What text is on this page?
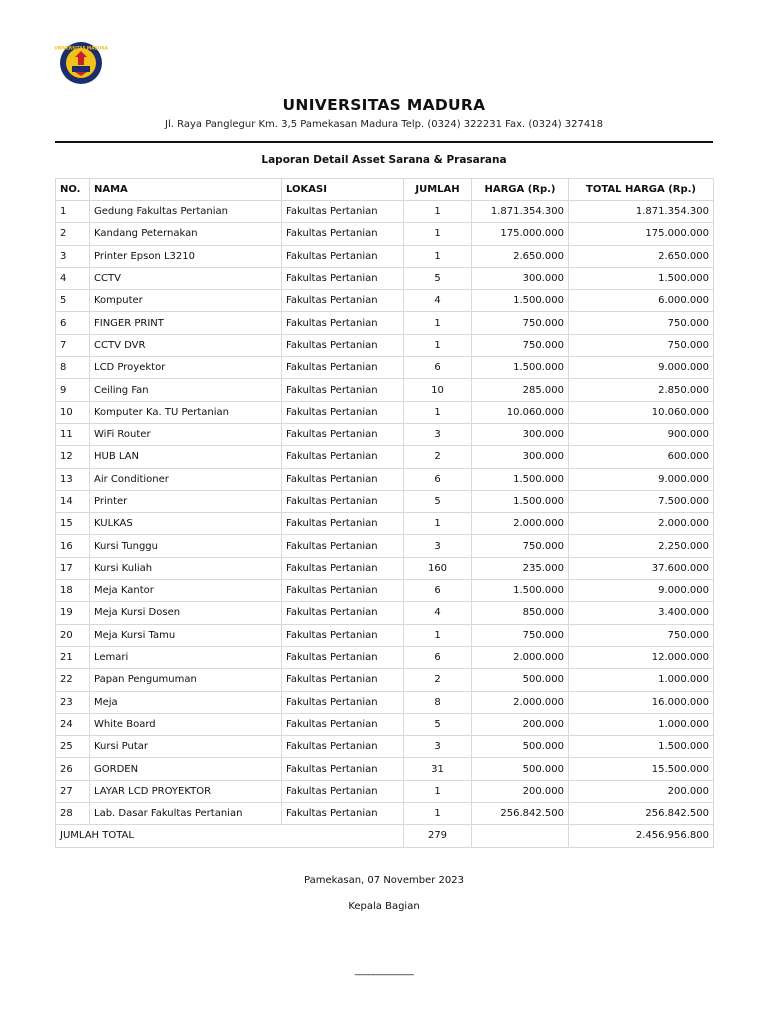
UNIVERSITAS MADURA
UNIVERSITAS MADURA
Jl. Raya Panglegur Km. 3,5 Pamekasan Madura Telp. (0324) 322231 Fax. (0324) 327418
Laporan Detail Asset Sarana & Prasarana
NO.	NAMA	LOKASI	JUMLAH	HARGA (Rp.)	TOTAL HARGA (Rp.)
1	Gedung Fakultas Pertanian	Fakultas Pertanian	1	1.871.354.300	1.871.354.300
2	Kandang Peternakan	Fakultas Pertanian	1	175.000.000	175.000.000
3	Printer Epson L3210	Fakultas Pertanian	1	2.650.000	2.650.000
4	CCTV	Fakultas Pertanian	5	300.000	1.500.000
5	Komputer	Fakultas Pertanian	4	1.500.000	6.000.000
6	FINGER PRINT	Fakultas Pertanian	1	750.000	750.000
7	CCTV DVR	Fakultas Pertanian	1	750.000	750.000
8	LCD Proyektor	Fakultas Pertanian	6	1.500.000	9.000.000
9	Ceiling Fan	Fakultas Pertanian	10	285.000	2.850.000
10	Komputer Ka. TU Pertanian	Fakultas Pertanian	1	10.060.000	10.060.000
11	WiFi Router	Fakultas Pertanian	3	300.000	900.000
12	HUB LAN	Fakultas Pertanian	2	300.000	600.000
13	Air Conditioner	Fakultas Pertanian	6	1.500.000	9.000.000
14	Printer	Fakultas Pertanian	5	1.500.000	7.500.000
15	KULKAS	Fakultas Pertanian	1	2.000.000	2.000.000
16	Kursi Tunggu	Fakultas Pertanian	3	750.000	2.250.000
17	Kursi Kuliah	Fakultas Pertanian	160	235.000	37.600.000
18	Meja Kantor	Fakultas Pertanian	6	1.500.000	9.000.000
19	Meja Kursi Dosen	Fakultas Pertanian	4	850.000	3.400.000
20	Meja Kursi Tamu	Fakultas Pertanian	1	750.000	750.000
21	Lemari	Fakultas Pertanian	6	2.000.000	12.000.000
22	Papan Pengumuman	Fakultas Pertanian	2	500.000	1.000.000
23	Meja	Fakultas Pertanian	8	2.000.000	16.000.000
24	White Board	Fakultas Pertanian	5	200.000	1.000.000
25	Kursi Putar	Fakultas Pertanian	3	500.000	1.500.000
26	GORDEN	Fakultas Pertanian	31	500.000	15.500.000
27	LAYAR LCD PROYEKTOR	Fakultas Pertanian	1	200.000	200.000
28	Lab. Dasar Fakultas Pertanian	Fakultas Pertanian	1	256.842.500	256.842.500
JUMLAH TOTAL			279		2.456.956.800
Pamekasan, 07 November 2023
Kepala Bagian
_____________
